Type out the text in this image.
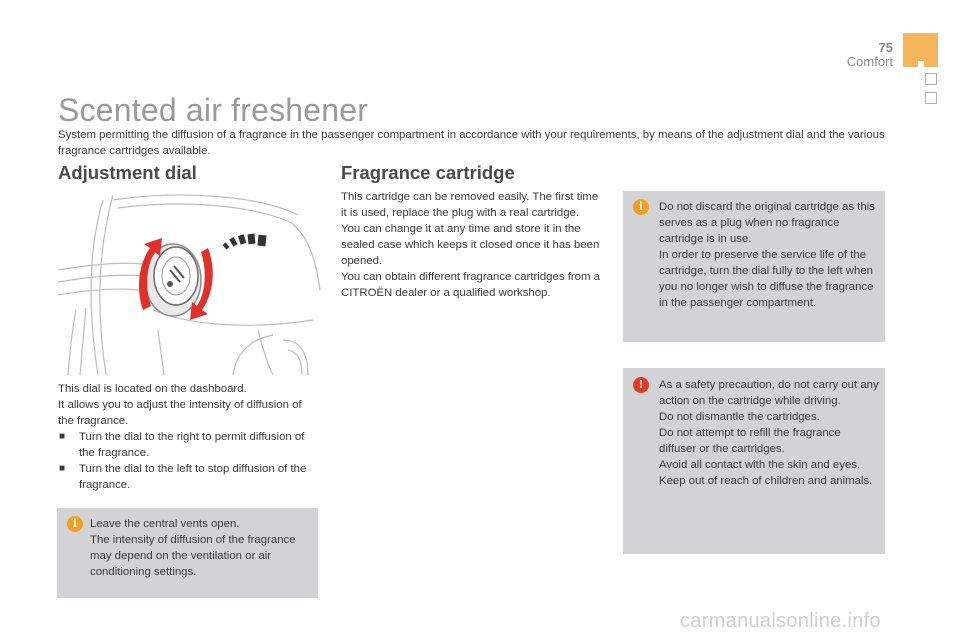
75
Comfort
Scented air freshener

System permitting the diffusion of a fragrance in the passenger compartment in accordance with your requirements, by means of the adjustment dial and the various fragrance cartridges available.

Adjustment dial

This dial is located on the dashboard.

It allows you to adjust the intensity of diffusion of the fragrance.

■ Turn the dial to the right to permit diffusion of the fragrance.

■ Turn the dial to the left to stop diffusion of the fragrance.

i	Leave the central vents open.

The intensity of diffusion of the fragrance may depend on the ventilation or air conditioning settings.

Fragrance cartridge

This cartridge can be removed easily. The first time it is used, replace the plug with a real cartridge.

You can change it at any time and store it in the sealed case which keeps it closed once it has been opened.

You can obtain different fragrance cartridges from a CITROËN dealer or a qualified workshop.

i	Do not discard the original cartridge as this serves as a plug when no fragrance cartridge is in use.

In order to preserve the service life of the cartridge, turn the dial fully to the left when you no longer wish to diffuse the fragrance in the passenger compartment.

!	As a safety precaution, do not carry out any action on the cartridge while driving.

Do not dismantle the cartridges.

Do not attempt to refill the fragrance diffuser or the cartridges.

Avoid all contact with the skin and eyes.

Keep out of reach of children and animals.

carmanualsonline.info
